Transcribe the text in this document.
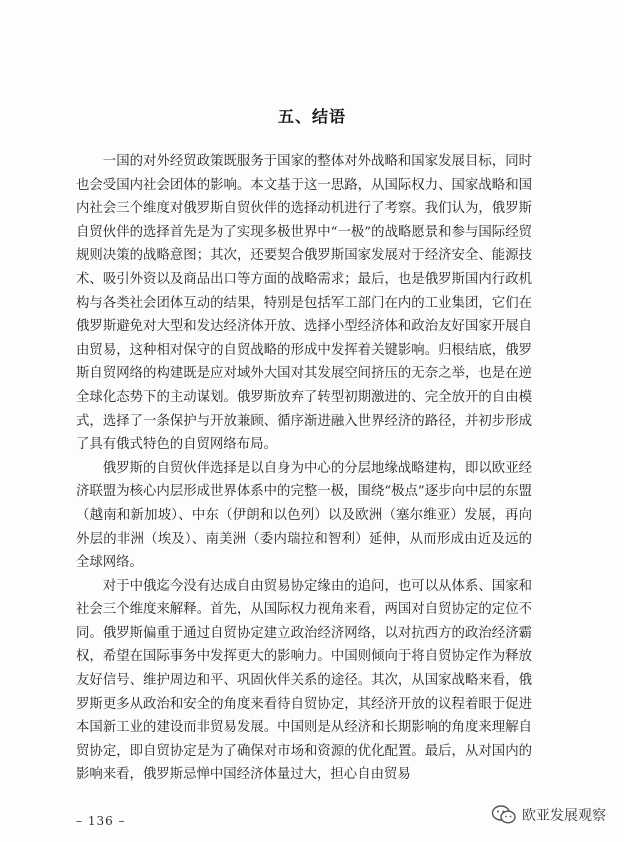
五、结语

一国的对外经贸政策既服务于国家的整体对外战略和国家发展目标，同时也会受国内社会团体的影响。本文基于这一思路，从国际权力、国家战略和国内社会三个维度对俄罗斯自贸伙伴的选择动机进行了考察。我们认为，俄罗斯自贸伙伴的选择首先是为了实现多极世界中“一极”的战略愿景和参与国际经贸规则决策的战略意图；其次，还要契合俄罗斯国家发展对于经济安全、能源技术、吸引外资以及商品出口等方面的战略需求；最后，也是俄罗斯国内行政机构与各类社会团体互动的结果，特别是包括军工部门在内的工业集团，它们在俄罗斯避免对大型和发达经济体开放、选择小型经济体和政治友好国家开展自由贸易，这种相对保守的自贸战略的形成中发挥着关键影响。归根结底，俄罗斯自贸网络的构建既是应对域外大国对其发展空间挤压的无奈之举，也是在逆全球化态势下的主动谋划。俄罗斯放弃了转型初期激进的、完全放开的自由模式，选择了一条保护与开放兼顾、循序渐进融入世界经济的路径，并初步形成了具有俄式特色的自贸网络布局。

俄罗斯的自贸伙伴选择是以自身为中心的分层地缘战略建构，即以欧亚经济联盟为核心内层形成世界体系中的完整一极，围绕“极点”逐步向中层的东盟（越南和新加坡）、中东（伊朗和以色列）以及欧洲（塞尔维亚）发展，再向外层的非洲（埃及）、南美洲（委内瑞拉和智利）延伸，从而形成由近及远的全球网络。

对于中俄迄今没有达成自由贸易协定缘由的追问，也可以从体系、国家和社会三个维度来解释。首先，从国际权力视角来看，两国对自贸协定的定位不同。俄罗斯偏重于通过自贸协定建立政治经济网络，以对抗西方的政治经济霸权，希望在国际事务中发挥更大的影响力。中国则倾向于将自贸协定作为释放友好信号、维护周边和平、巩固伙伴关系的途径。其次，从国家战略来看，俄罗斯更多从政治和安全的角度来看待自贸协定，其经济开放的议程着眼于促进本国新工业的建设而非贸易发展。中国则是从经济和长期影响的角度来理解自贸协定，即自贸协定是为了确保对市场和资源的优化配置。最后，从对国内的影响来看，俄罗斯忌惮中国经济体量过大，担心自由贸易

– 136 –	欧亚发展观察
